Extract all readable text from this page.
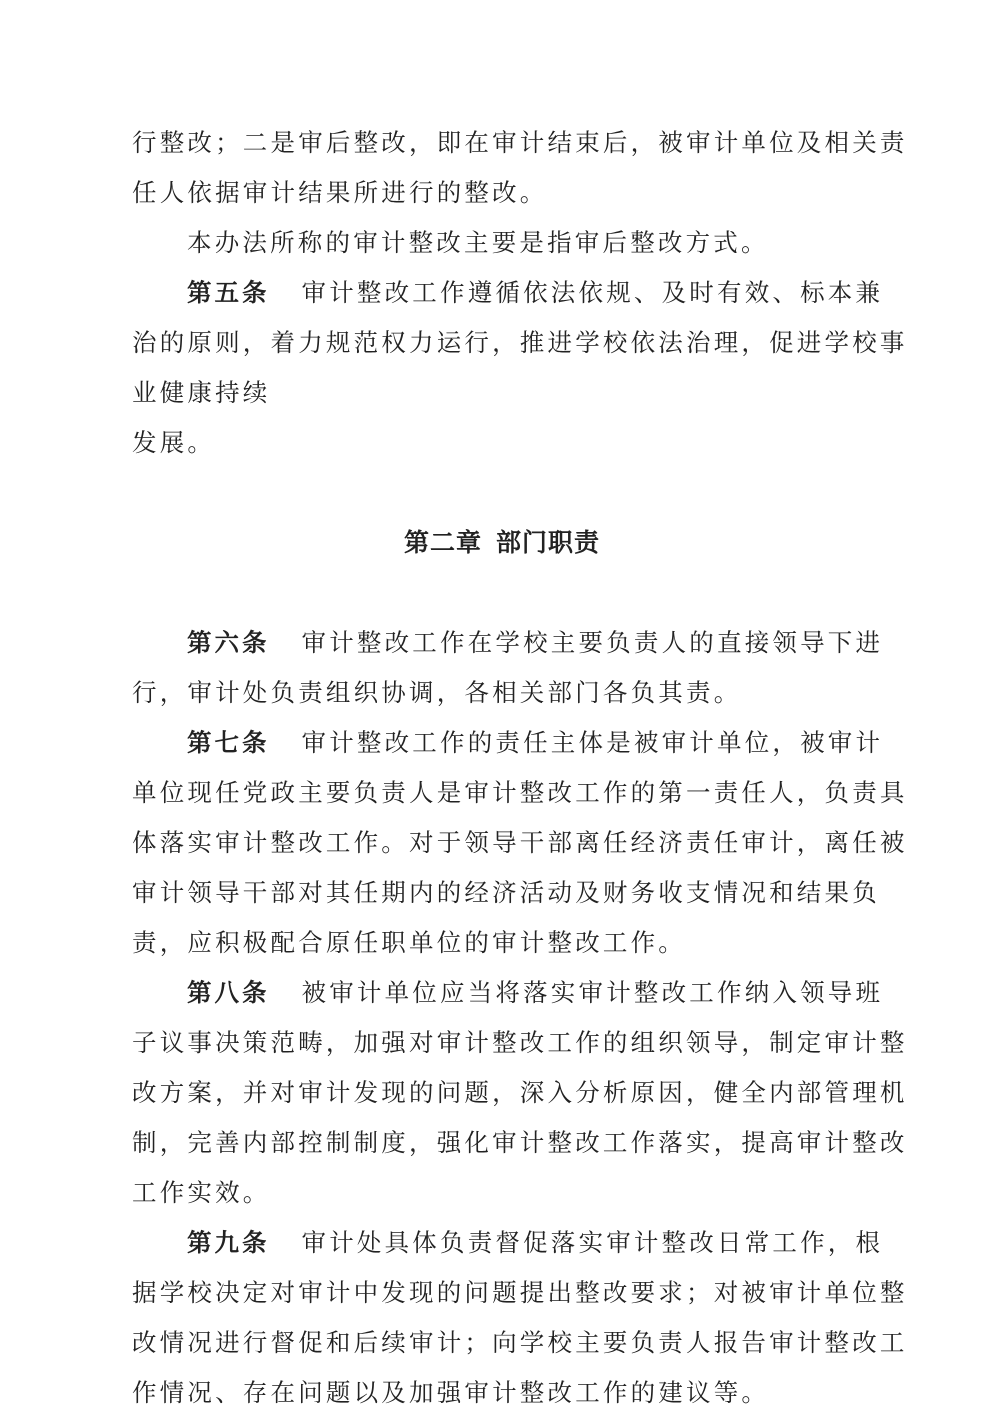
行整改；二是审后整改，即在审计结束后，被审计单位及相关责
任人依据审计结果所进行的整改。
本办法所称的审计整改主要是指审后整改方式。
第五条 审计整改工作遵循依法依规、及时有效、标本兼
治的原则，着力规范权力运行，推进学校依法治理，促进学校事
业健康持续
发展。
第二章 部门职责
第六条 审计整改工作在学校主要负责人的直接领导下进
行，审计处负责组织协调，各相关部门各负其责。
第七条 审计整改工作的责任主体是被审计单位，被审计
单位现任党政主要负责人是审计整改工作的第一责任人，负责具
体落实审计整改工作。对于领导干部离任经济责任审计，离任被
审计领导干部对其任期内的经济活动及财务收支情况和结果负
责，应积极配合原任职单位的审计整改工作。
第八条 被审计单位应当将落实审计整改工作纳入领导班
子议事决策范畴，加强对审计整改工作的组织领导，制定审计整
改方案，并对审计发现的问题，深入分析原因，健全内部管理机
制，完善内部控制制度，强化审计整改工作落实，提高审计整改
工作实效。
第九条 审计处具体负责督促落实审计整改日常工作，根
据学校决定对审计中发现的问题提出整改要求；对被审计单位整
改情况进行督促和后续审计；向学校主要负责人报告审计整改工
作情况、存在问题以及加强审计整改工作的建议等。
